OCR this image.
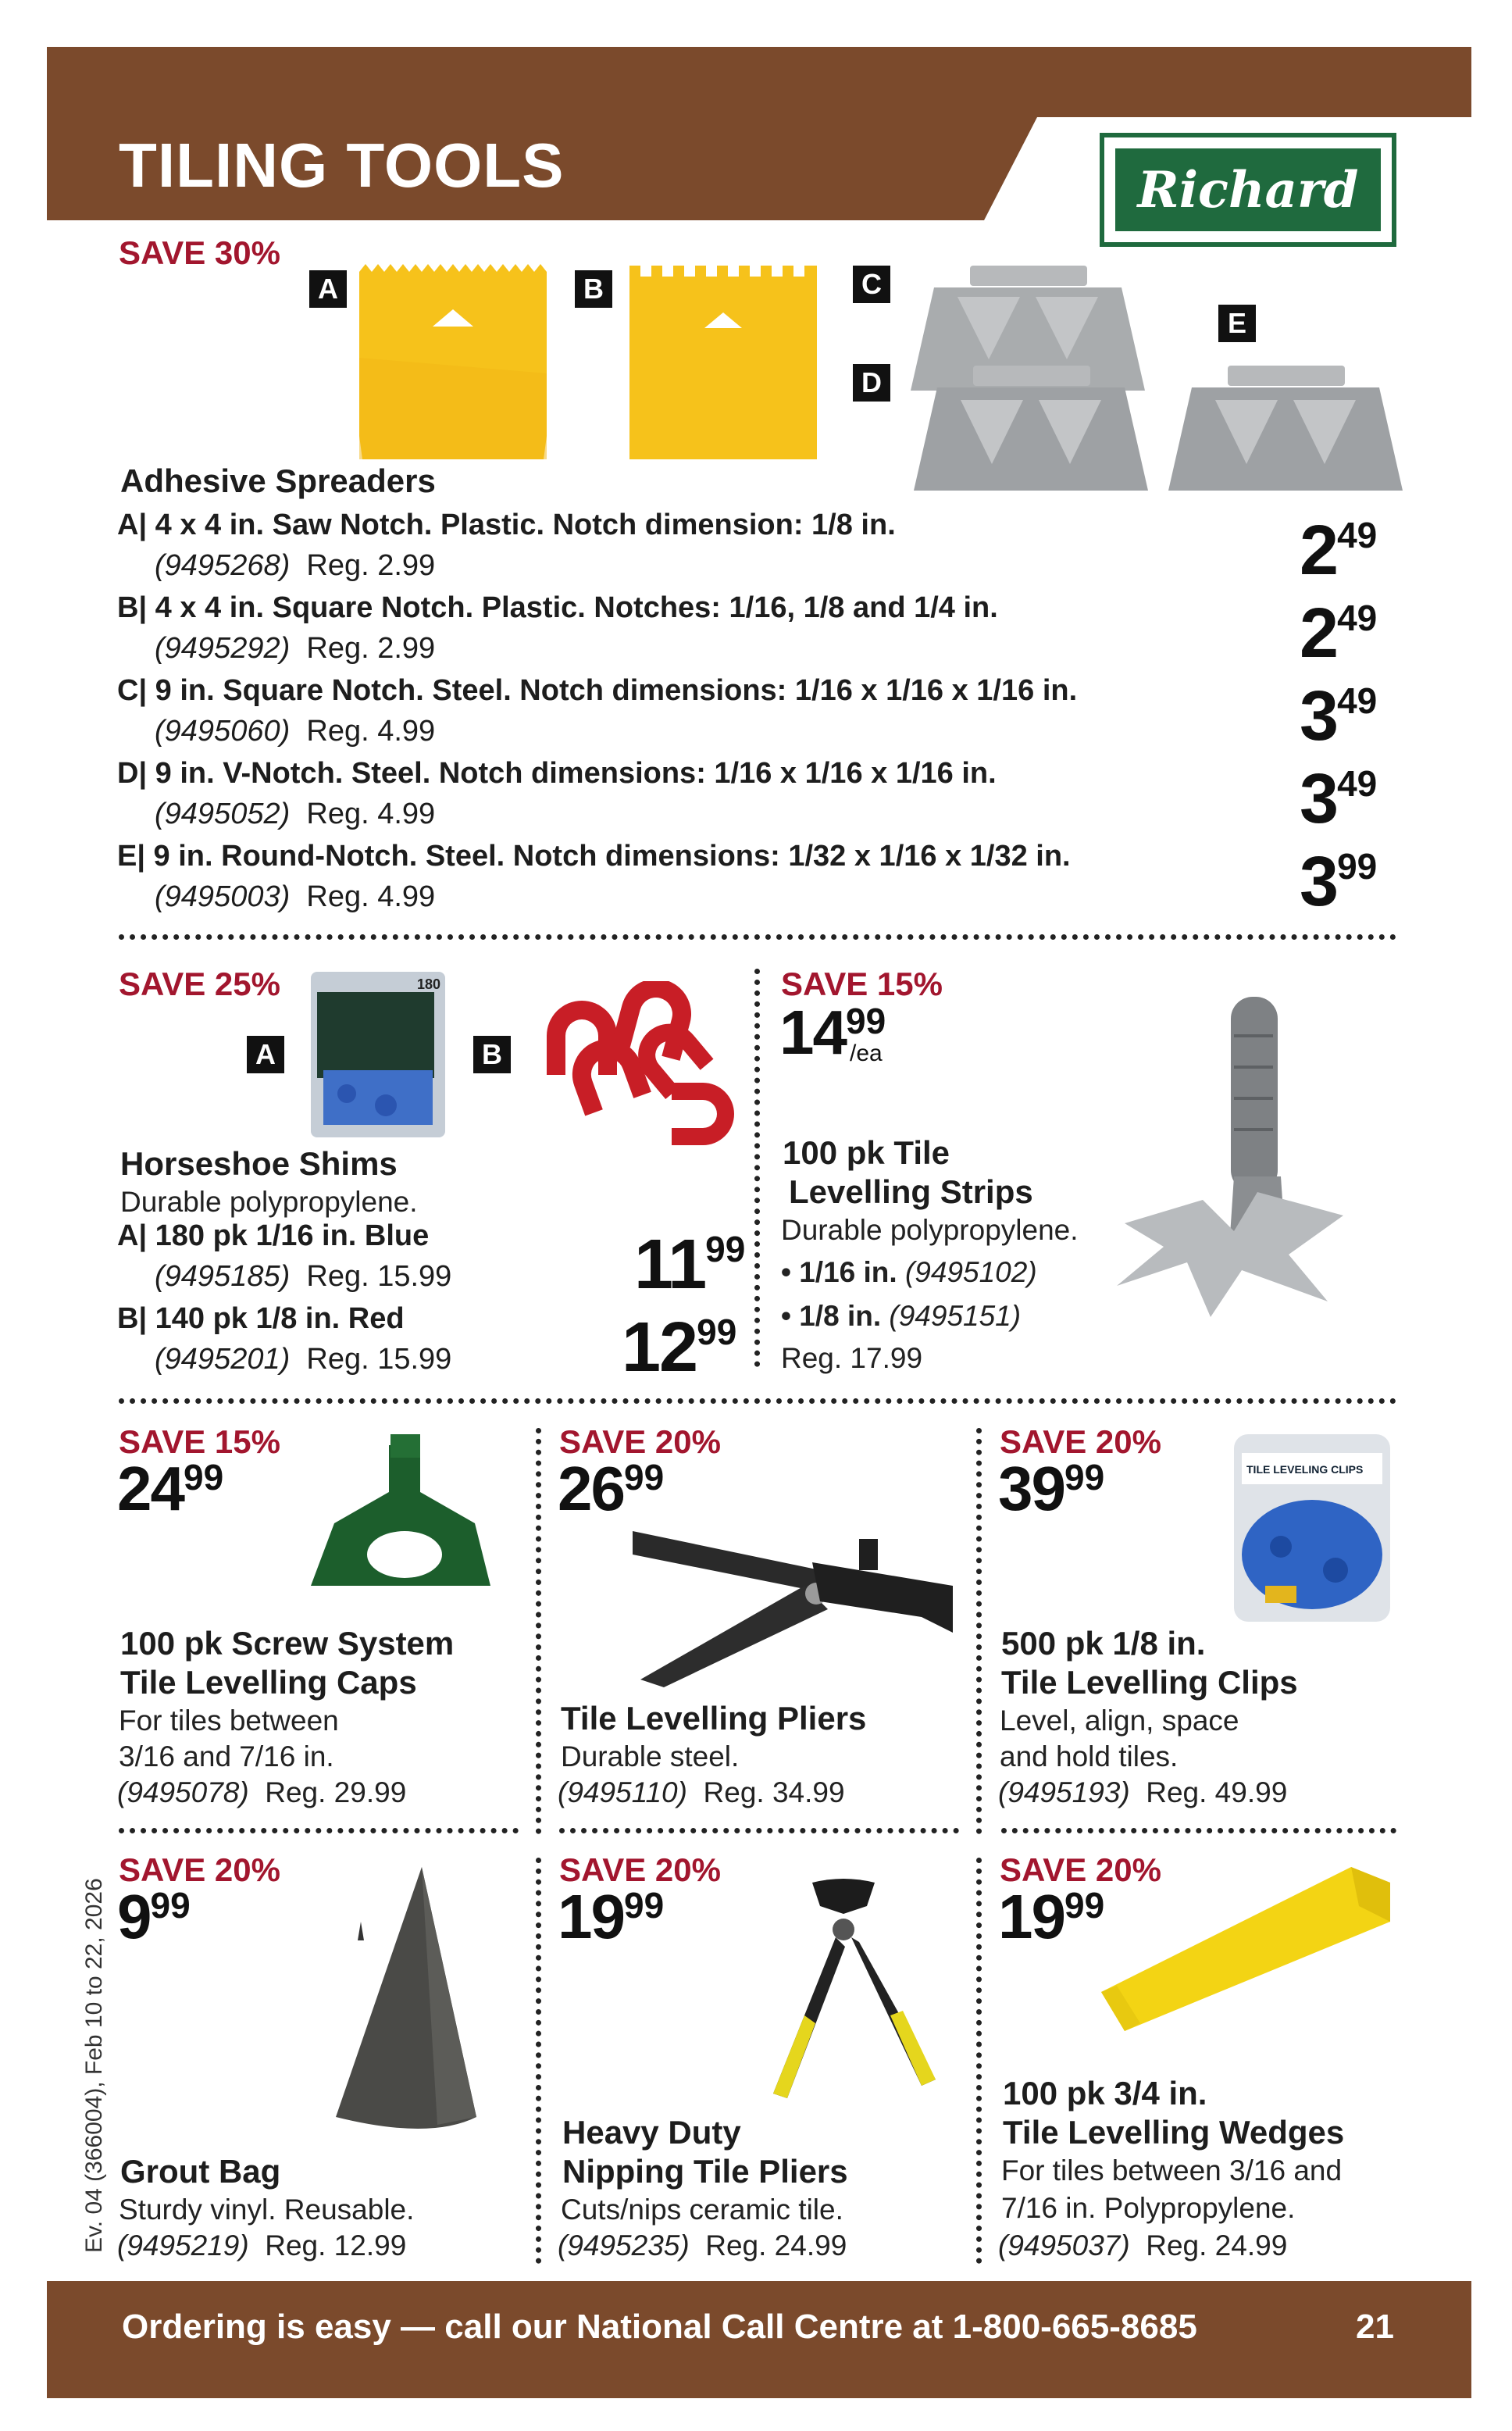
TILING TOOLS	Richard
SAVE 30%
A	B	C
D
E
Adhesive Spreaders
A| 4 x 4 in. Saw Notch. Plastic. Notch dimension: 1/8 in.
(9495268) Reg. 2.99	$2^{49}$
B| 4 x 4 in. Square Notch. Plastic. Notches: 1/16, 1/8 and 1/4 in.
(9495292) Reg. 2.99	$2^{49}$
C| 9 in. Square Notch. Steel. Notch dimensions: 1/16 x 1/16 x 1/16 in.
(9495060) Reg. 4.99	$3^{49}$
D| 9 in. V-Notch. Steel. Notch dimensions: 1/16 x 1/16 x 1/16 in.
(9495052) Reg. 4.99	$3^{49}$
E| 9 in. Round-Notch. Steel. Notch dimensions: 1/32 x 1/16 x 1/32 in.
(9495003) Reg. 4.99	$3^{99}$
SAVE 25%
A
180
B
Horseshoe Shims
Durable polypropylene.
A| 180 pk 1/16 in. Blue
(9495185) Reg. 15.99	$11^{99}$
B| 140 pk 1/8 in. Red
(9495201) Reg. 15.99 $12^{99}$
SAVE 15%
$14^{99}$
/ea
100 pk Tile
Levelling Strips
Durable polypropylene.
• 1/16 in. (9495102)
• 1/8 in. (9495151)
Reg. 17.99
SAVE 15%
$24^{99}$
100 pk Screw System
Tile Levelling Caps
For tiles between
3/16 and 7/16 in.
(9495078) Reg. 29.99
SAVE 20%
$26^{99}$
Tile Levelling Pliers
Durable steel.
(9495110) Reg. 34.99
SAVE 20%
$39^{99}$	TILE LEVELING CLIPS
500 pk 1/8 in.
Tile Levelling Clips
Level, align, space
and hold tiles.
(9495193) Reg. 49.99
SAVE 20%
$9^{99}$
Grout Bag
Sturdy vinyl. Reusable.
(9495219) Reg. 12.99
SAVE 20%
$19^{99}$
Heavy Duty
Nipping Tile Pliers
Cuts/nips ceramic tile.
(9495235) Reg. 24.99
SAVE 20%
$19^{99}$
100 pk 3/4 in.
Tile Levelling Wedges
For tiles between 3/16 and
7/16 in. Polypropylene.
(9495037) Reg. 24.99
Ev. 04 (366004), Feb 10 to 22, 2026
Ordering is easy — call our National Call Centre at 1-800-665-8685	21
